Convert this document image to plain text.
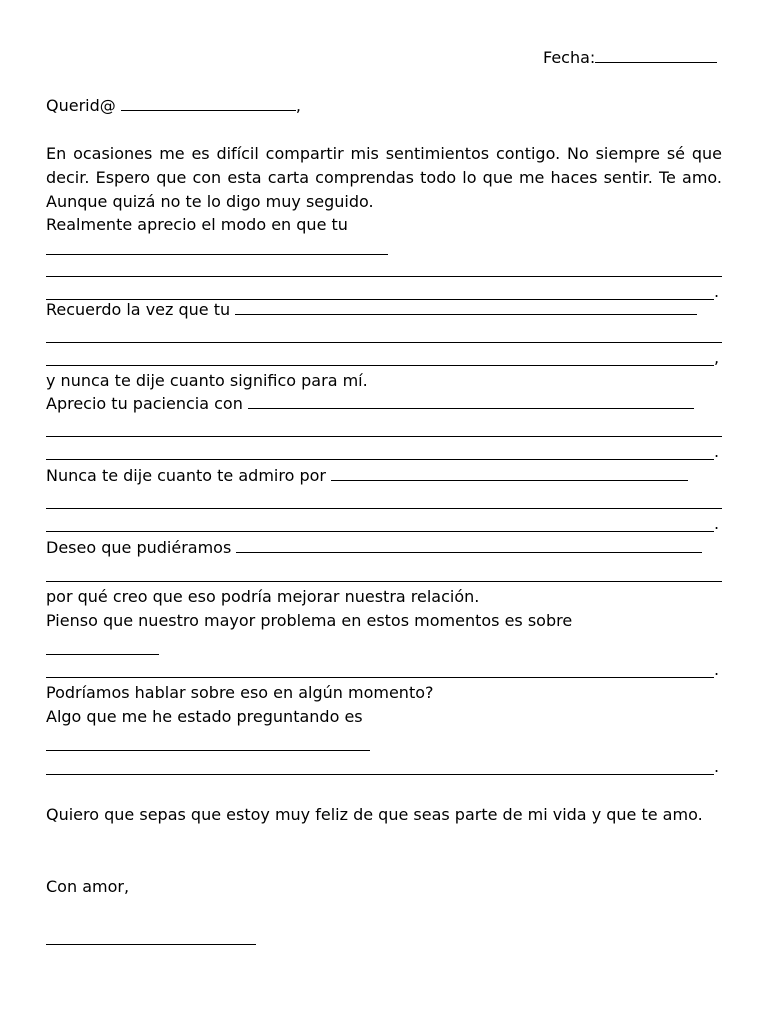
Fecha:
Querid@	,
En ocasiones me es difícil compartir mis sentimientos contigo. No siempre sé que decir. Espero que con esta carta comprendas todo lo que me haces sentir. Te amo. Aunque quizá no te lo digo muy seguido.
Realmente aprecio el modo en que tu
.
Recuerdo la vez que tu
,
y nunca te dije cuanto significo para mí.
Aprecio tu paciencia con
.
Nunca te dije cuanto te admiro por
.
Deseo que pudiéramos
por qué creo que eso podría mejorar nuestra relación.
Pienso que nuestro mayor problema en estos momentos es sobre
.
Podríamos hablar sobre eso en algún momento?
Algo que me he estado preguntando es
.
Quiero que sepas que estoy muy feliz de que seas parte de mi vida y que te amo.
Con amor,
